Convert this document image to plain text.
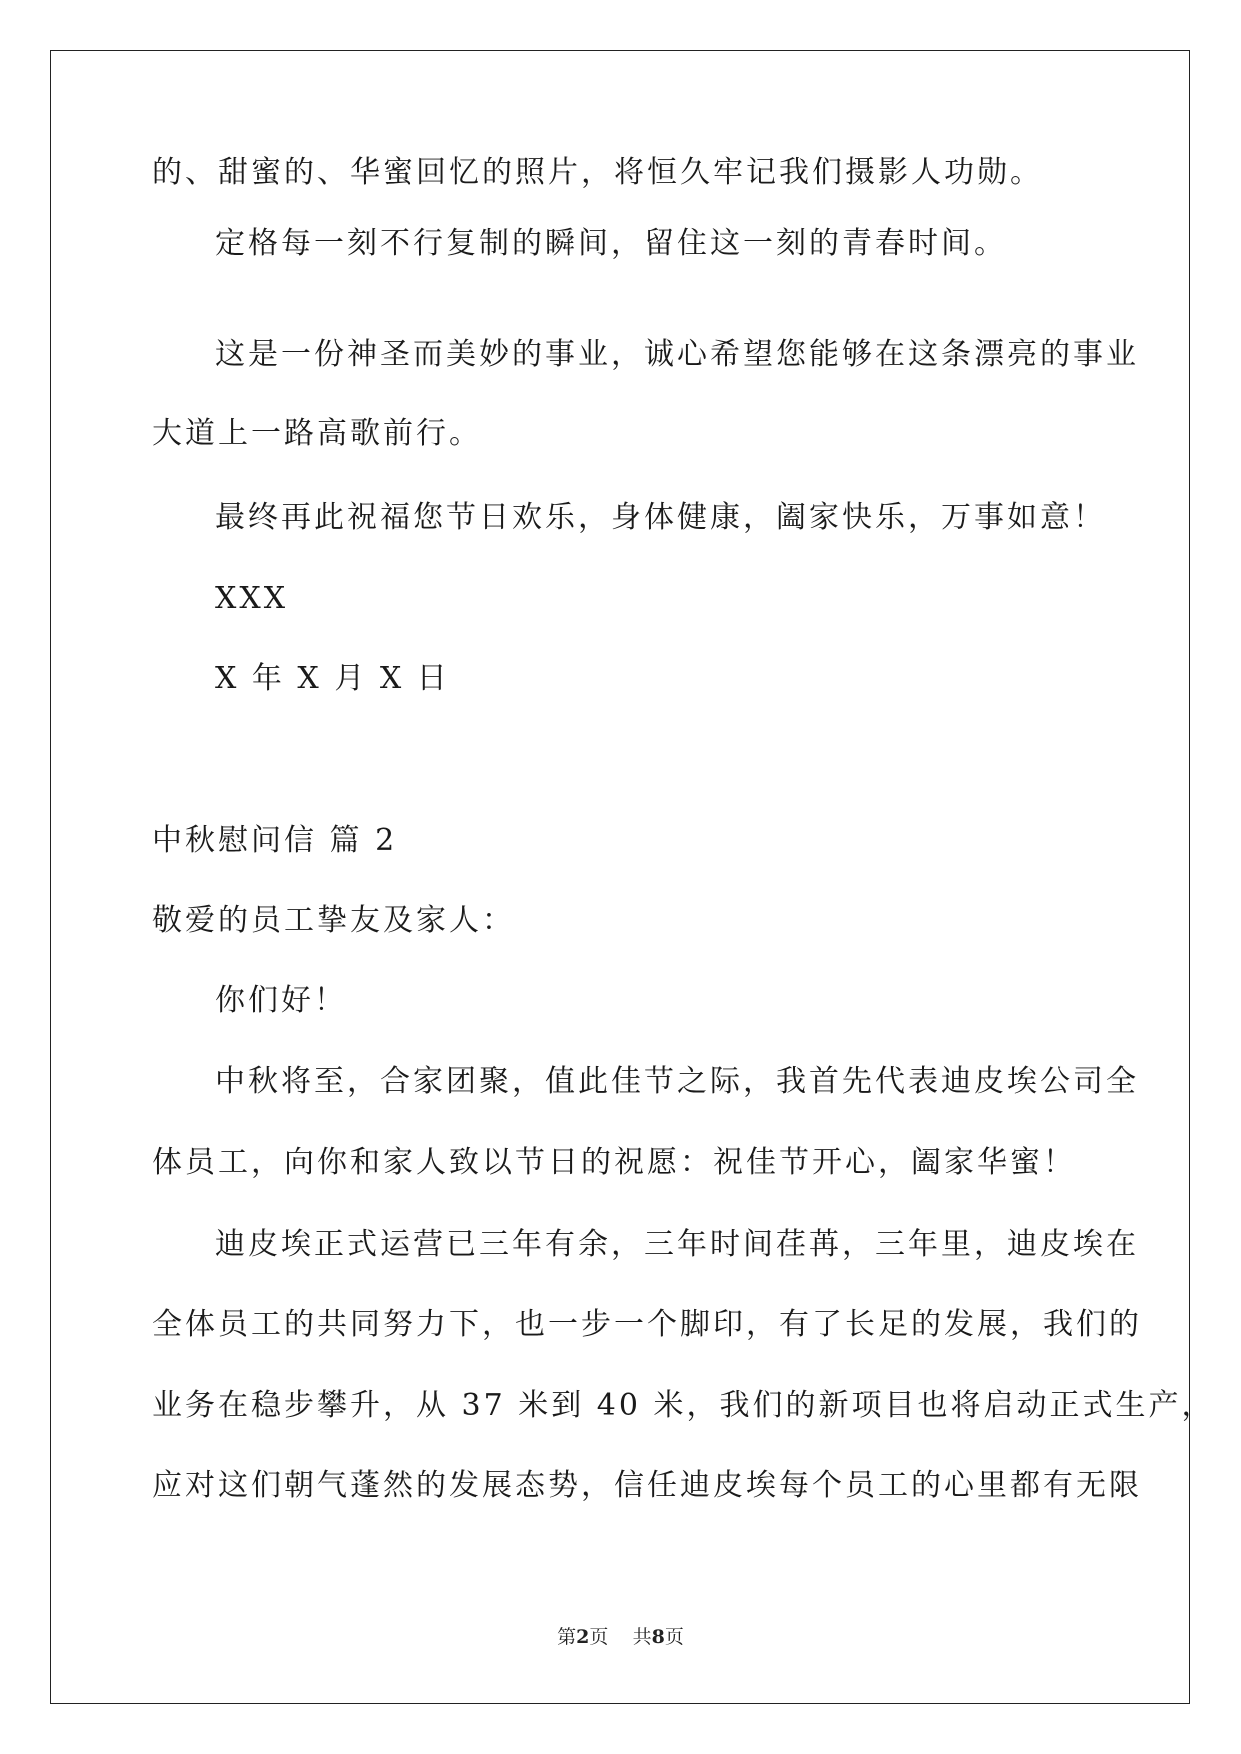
的、甜蜜的、华蜜回忆的照片，将恒久牢记我们摄影人功勋。
定格每一刻不行复制的瞬间，留住这一刻的青春时间。
这是一份神圣而美妙的事业，诚心希望您能够在这条漂亮的事业
大道上一路高歌前行。
最终再此祝福您节日欢乐，身体健康，阖家快乐，万事如意！
XXX
X 年 X 月 X 日
中秋慰问信 篇 2
敬爱的员工挚友及家人：
你们好！
中秋将至，合家团聚，值此佳节之际，我首先代表迪皮埃公司全
体员工，向你和家人致以节日的祝愿：祝佳节开心，阖家华蜜！
迪皮埃正式运营已三年有余，三年时间荏苒，三年里，迪皮埃在
全体员工的共同努力下，也一步一个脚印，有了长足的发展，我们的
业务在稳步攀升，从 37 米到 40 米，我们的新项目也将启动正式生产，
应对这们朝气蓬然的发展态势，信任迪皮埃每个员工的心里都有无限
第2页    共8页
